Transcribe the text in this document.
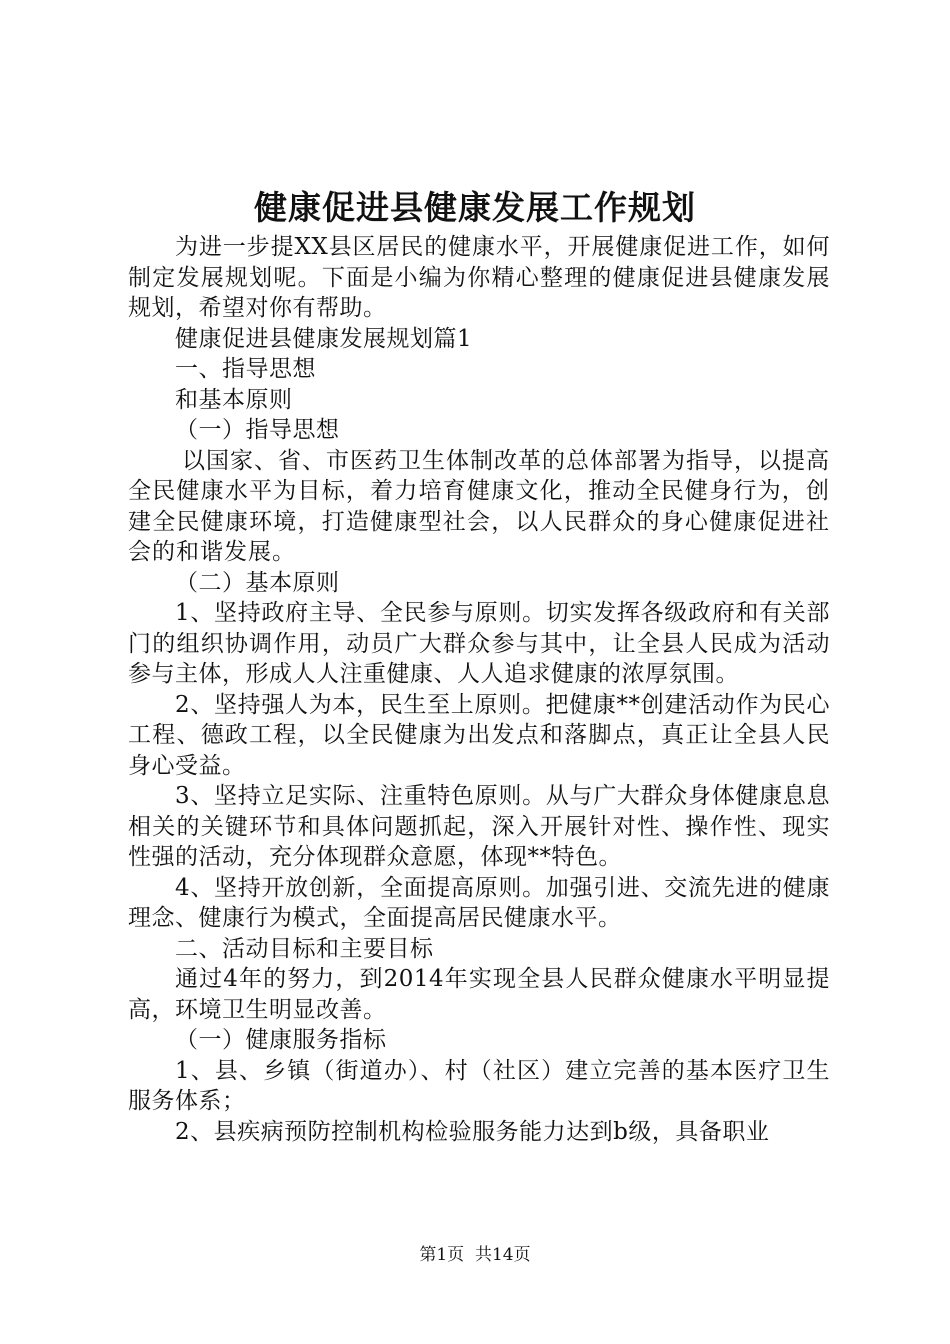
健康促进县健康发展工作规划

为进一步提XX县区居民的健康水平，开展健康促进工作，如何制定发展规划呢。下面是小编为你精心整理的健康促进县健康发展规划，希望对你有帮助。

健康促进县健康发展规划篇1

一、指导思想

和基本原则

（一）指导思想

以国家、省、市医药卫生体制改革的总体部署为指导，以提高全民健康水平为目标，着力培育健康文化，推动全民健身行为，创建全民健康环境，打造健康型社会，以人民群众的身心健康促进社会的和谐发展。

（二）基本原则

1、坚持政府主导、全民参与原则。切实发挥各级政府和有关部门的组织协调作用，动员广大群众参与其中，让全县人民成为活动参与主体，形成人人注重健康、人人追求健康的浓厚氛围。

2、坚持强人为本，民生至上原则。把健康**创建活动作为民心工程、德政工程，以全民健康为出发点和落脚点，真正让全县人民身心受益。

3、坚持立足实际、注重特色原则。从与广大群众身体健康息息相关的关键环节和具体问题抓起，深入开展针对性、操作性、现实性强的活动，充分体现群众意愿，体现**特色。

4、坚持开放创新，全面提高原则。加强引进、交流先进的健康理念、健康行为模式，全面提高居民健康水平。

二、活动目标和主要目标

通过4年的努力，到2014年实现全县人民群众健康水平明显提高，环境卫生明显改善。

（一）健康服务指标

1、县、乡镇（街道办）、村（社区）建立完善的基本医疗卫生服务体系；

2、县疾病预防控制机构检验服务能力达到b级，具备职业

第1页  共14页
